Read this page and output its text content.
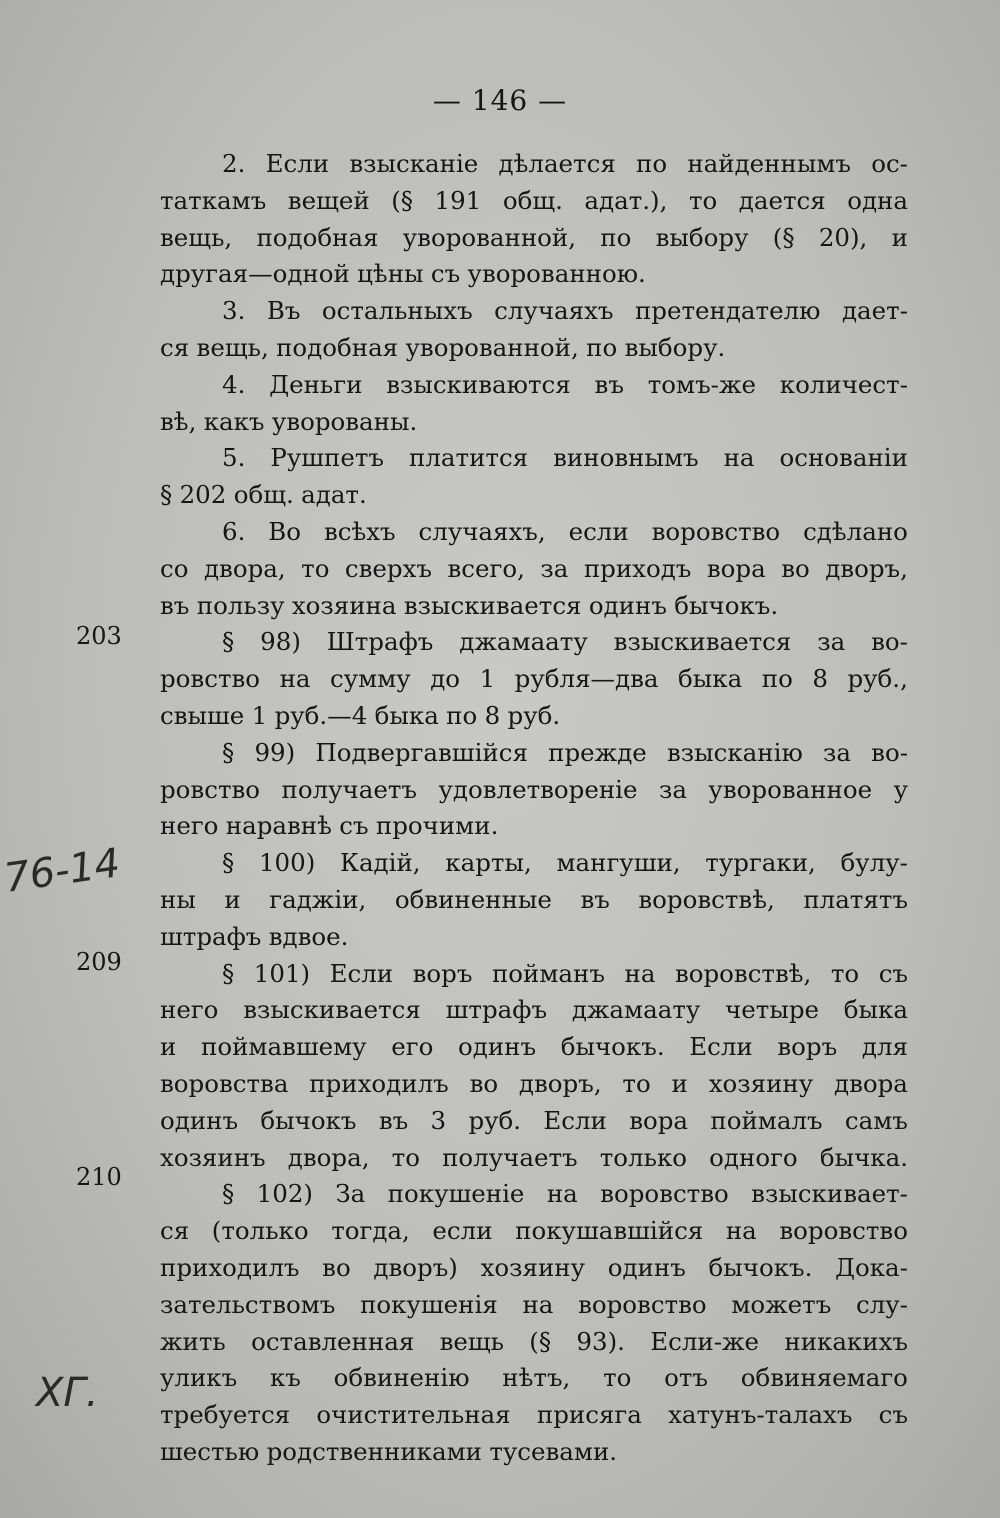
— 146 —
203
209
210
76-14
ХГ.
2. Если взысканіе дѣлается по найденнымъ ос-
таткамъ вещей (§ 191 общ. адат.), то дается одна
вещь, подобная уворованной, по выбору (§ 20), и
другая—одной цѣны съ уворованною.
3. Въ остальныхъ случаяхъ претендателю дает-
ся вещь, подобная уворованной, по выбору.
4. Деньги взыскиваются въ томъ-же количест-
вѣ, какъ уворованы.
5. Рушпетъ платится виновнымъ на основаніи
§ 202 общ. адат.
6. Во всѣхъ случаяхъ, если воровство сдѣлано
со двора, то сверхъ всего, за приходъ вора во дворъ,
въ пользу хозяина взыскивается одинъ бычокъ.
§ 98) Штрафъ джамаату взыскивается за во-
ровство на сумму до 1 рубля—два быка по 8 руб.,
свыше 1 руб.—4 быка по 8 руб.
§ 99) Подвергавшійся прежде взысканію за во-
ровство получаетъ удовлетвореніе за уворованное у
него наравнѣ съ прочими.
§ 100) Кадій, карты, мангуши, тургаки, булу-
ны и гаджіи, обвиненные въ воровствѣ, платятъ
штрафъ вдвое.
§ 101) Если воръ пойманъ на воровствѣ, то съ
него взыскивается штрафъ джамаату четыре быка
и поймавшему его одинъ бычокъ. Если воръ для
воровства приходилъ во дворъ, то и хозяину двора
одинъ бычокъ въ 3 руб. Если вора поймалъ самъ
хозяинъ двора, то получаетъ только одного бычка.
§ 102) За покушеніе на воровство взыскивает-
ся (только тогда, если покушавшійся на воровство
приходилъ во дворъ) хозяину одинъ бычокъ. Дока-
зательствомъ покушенія на воровство можетъ слу-
жить оставленная вещь (§ 93). Если-же никакихъ
уликъ къ обвиненію нѣтъ, то отъ обвиняемаго
требуется очистительная присяга хатунъ-талахъ съ
шестью родственниками тусевами.
